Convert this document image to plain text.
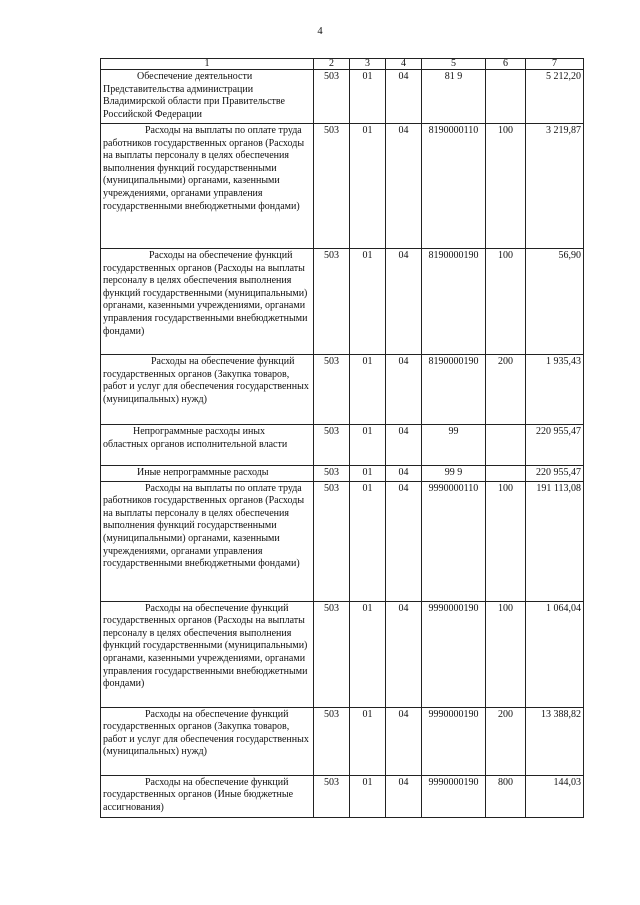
4
1	2	3	4	5	6	7
Обеспечение деятельности Представительства администрации Владимирской области при Правительстве Российской Федерации	503	01	04	81 9		5 212,20
Расходы на выплаты по оплате труда работников государственных органов (Расходы на выплаты персоналу в целях обеспечения выполнения функций государственными (муниципальными) органами, казенными учреждениями, органами управления государственными внебюджетными фондами)	503	01	04	8190000110	100	3 219,87
Расходы на обеспечение функций государственных органов (Расходы на выплаты персоналу в целях обеспечения выполнения функций государственными (муниципальными) органами, казенными учреждениями, органами управления государственными внебюджетными фондами)	503	01	04	8190000190	100	56,90
Расходы на обеспечение функций государственных органов (Закупка товаров, работ и услуг для обеспечения государственных (муниципальных) нужд)	503	01	04	8190000190	200	1 935,43
Непрограммные расходы иных областных органов исполнительной власти	503	01	04	99		220 955,47
Иные непрограммные расходы	503	01	04	99 9		220 955,47
Расходы на выплаты по оплате труда работников государственных органов (Расходы на выплаты персоналу в целях обеспечения выполнения функций государственными (муниципальными) органами, казенными учреждениями, органами управления государственными внебюджетными фондами)	503	01	04	9990000110	100	191 113,08
Расходы на обеспечение функций государственных органов (Расходы на выплаты персоналу в целях обеспечения выполнения функций государственными (муниципальными) органами, казенными учреждениями, органами управления государственными внебюджетными фондами)	503	01	04	9990000190	100	1 064,04
Расходы на обеспечение функций государственных органов (Закупка товаров, работ и услуг для обеспечения государственных (муниципальных) нужд)	503	01	04	9990000190	200	13 388,82
Расходы на обеспечение функций государственных органов (Иные бюджетные ассигнования)	503	01	04	9990000190	800	144,03
